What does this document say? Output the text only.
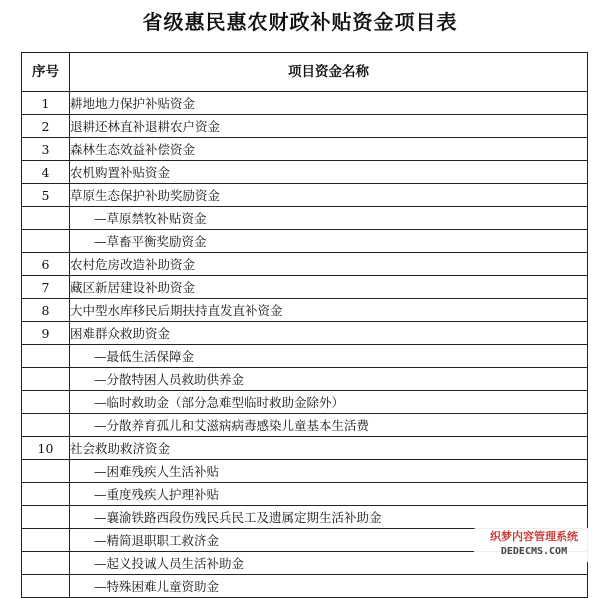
省级惠民惠农财政补贴资金项目表
序号	项目资金名称
1	耕地地力保护补贴资金
2	退耕还林直补退耕农户资金
3	森林生态效益补偿资金
4	农机购置补贴资金
5	草原生态保护补助奖励资金
	—草原禁牧补贴资金
	—草畜平衡奖励资金
6	农村危房改造补助资金
7	藏区新居建设补助资金
8	大中型水库移民后期扶持直发直补资金
9	困难群众救助资金
	—最低生活保障金
	—分散特困人员救助供养金
	—临时救助金（部分急难型临时救助金除外）
	—分散养育孤儿和艾滋病病毒感染儿童基本生活费
10	社会救助救济资金
	—困难残疾人生活补贴
	—重度残疾人护理补贴
	—襄渝铁路西段伤残民兵民工及遗属定期生活补助金
	—精简退职职工救济金
	—起义投诚人员生活补助金
	—特殊困难儿童资助金
织梦内容管理系统
DEDECMS.COM
